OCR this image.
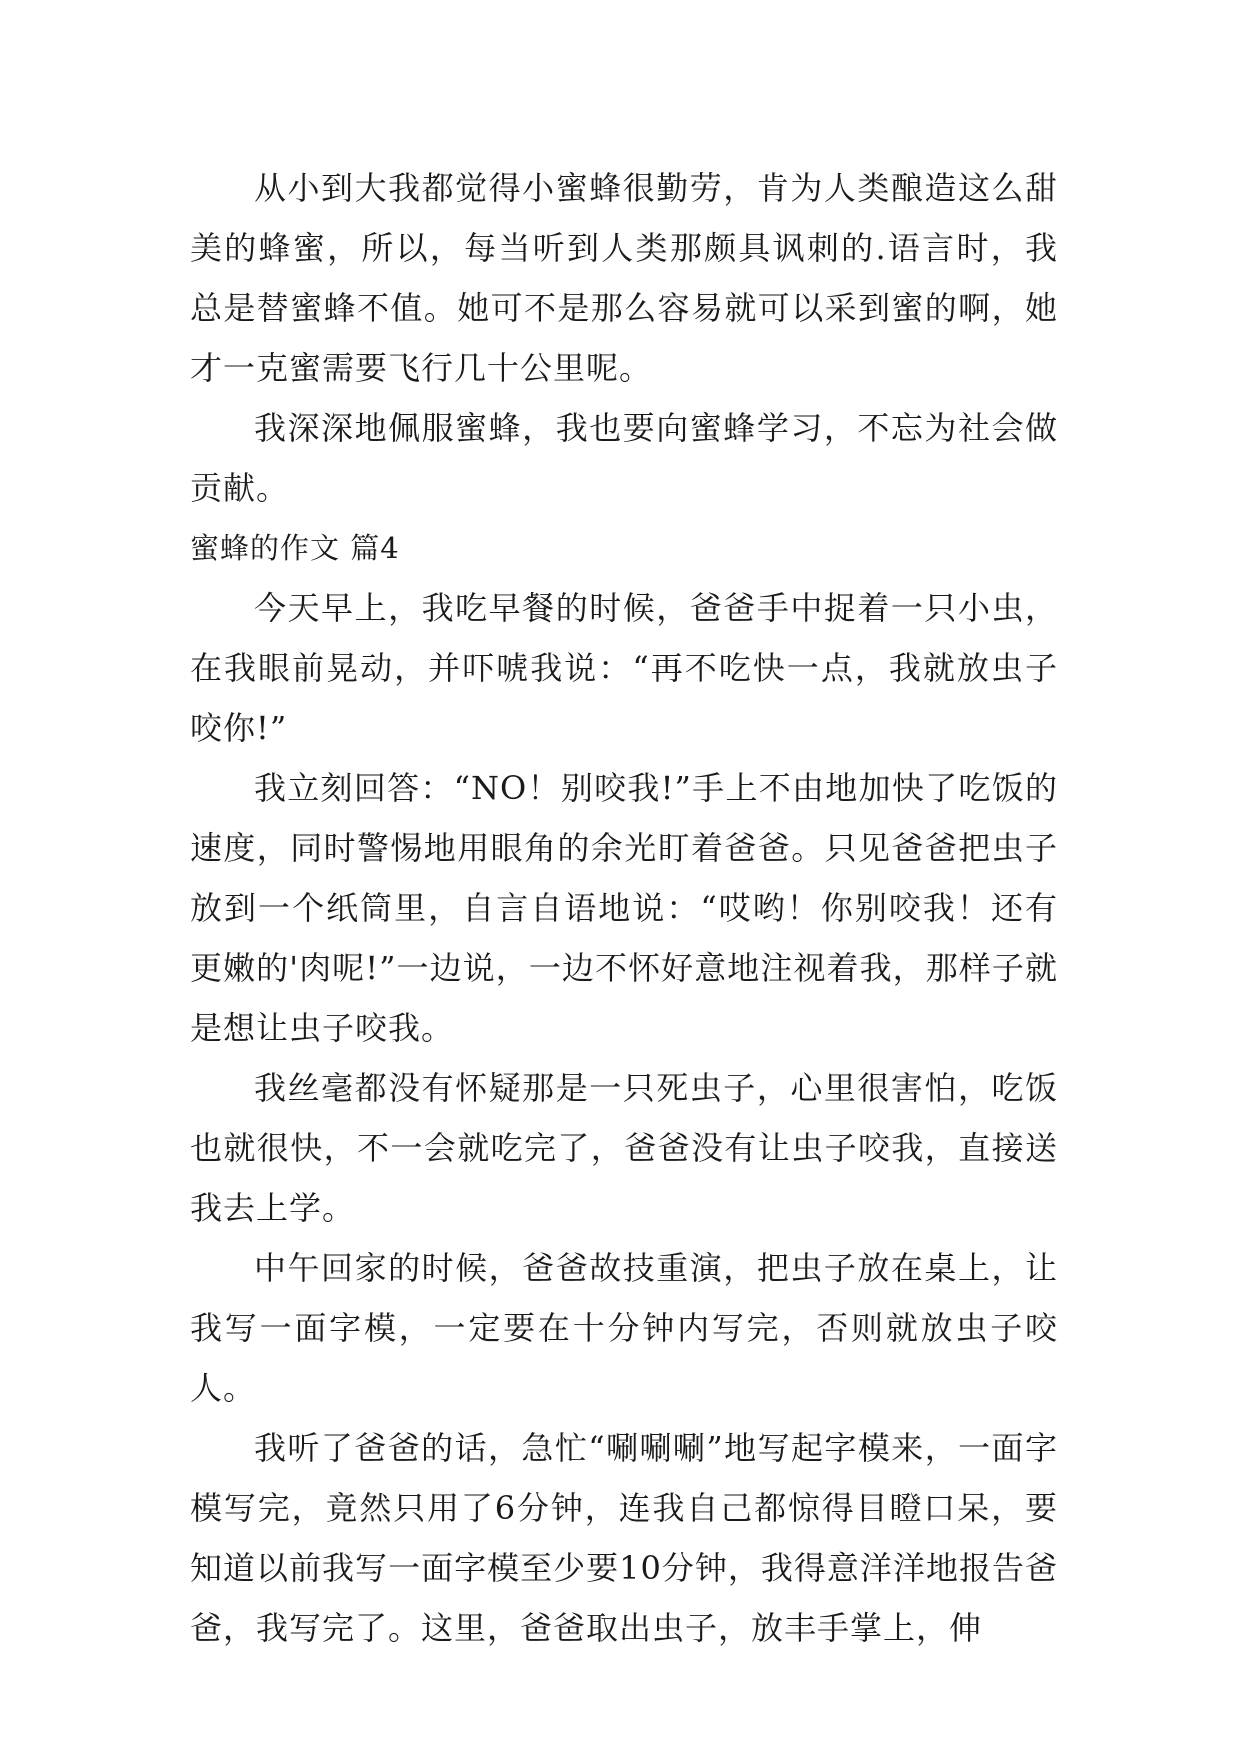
从小到大我都觉得小蜜蜂很勤劳，肯为人类酿造这么甜美的蜂蜜，所以，每当听到人类那颇具讽刺的.语言时，我总是替蜜蜂不值。她可不是那么容易就可以采到蜜的啊，她才一克蜜需要飞行几十公里呢。

我深深地佩服蜜蜂，我也要向蜜蜂学习，不忘为社会做贡献。

蜜蜂的作文 篇4

今天早上，我吃早餐的时候，爸爸手中捉着一只小虫，在我眼前晃动，并吓唬我说：“再不吃快一点，我就放虫子咬你!”

我立刻回答：“NO！别咬我!”手上不由地加快了吃饭的速度，同时警惕地用眼角的余光盯着爸爸。只见爸爸把虫子放到一个纸筒里，自言自语地说：“哎哟！你别咬我！还有更嫩的'肉呢!”一边说，一边不怀好意地注视着我，那样子就是想让虫子咬我。

我丝毫都没有怀疑那是一只死虫子，心里很害怕，吃饭也就很快，不一会就吃完了，爸爸没有让虫子咬我，直接送我去上学。

中午回家的时候，爸爸故技重演，把虫子放在桌上，让我写一面字模，一定要在十分钟内写完，否则就放虫子咬人。

我听了爸爸的话，急忙“唰唰唰”地写起字模来，一面字模写完，竟然只用了6分钟，连我自己都惊得目瞪口呆，要知道以前我写一面字模至少要10分钟，我得意洋洋地报告爸爸，我写完了。这里，爸爸取出虫子，放丰手掌上，伸
